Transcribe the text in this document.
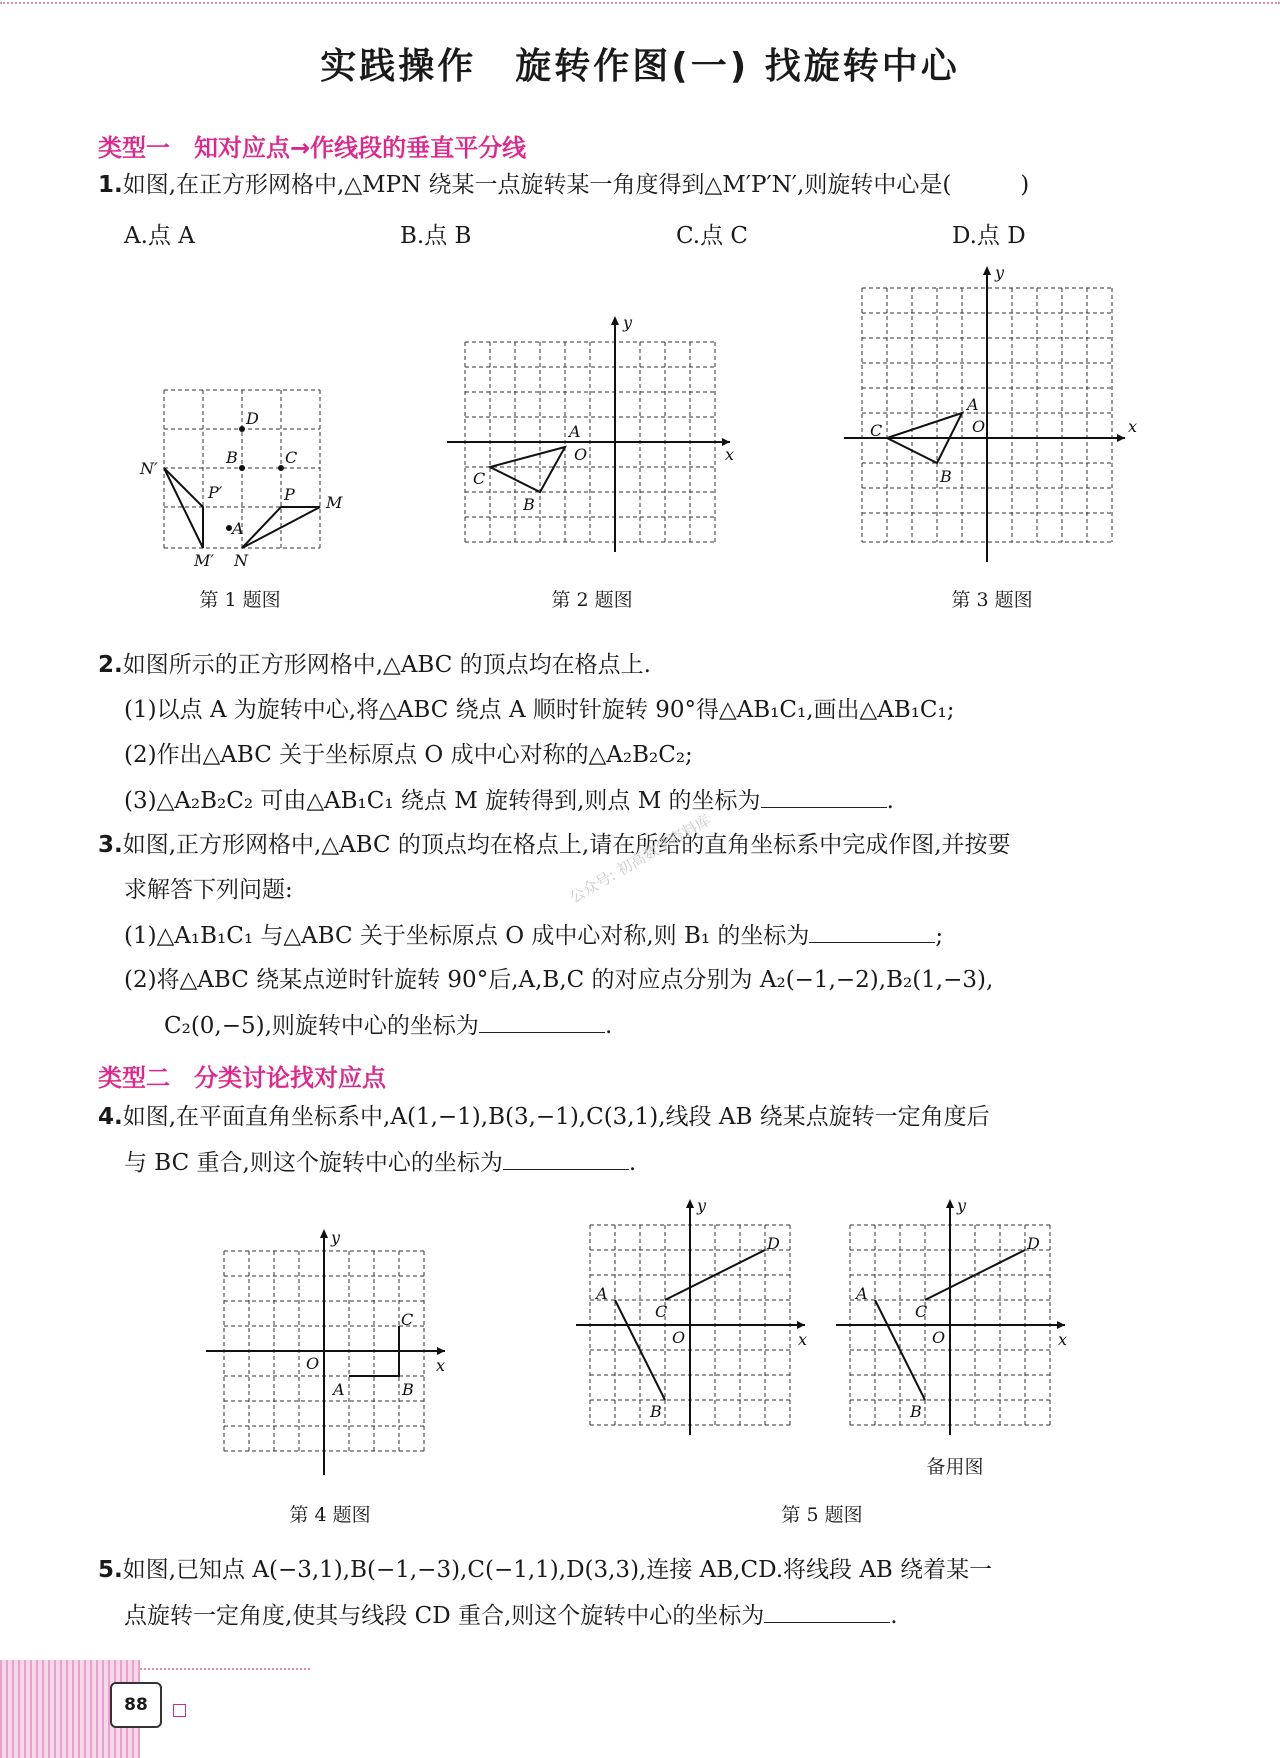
实践操作　旋转作图(一) 找旋转中心
类型一　知对应点→作线段的垂直平分线
1.如图,在正方形网格中,△MPN 绕某一点旋转某一角度得到△M′P′N′,则旋转中心是(　　　)
A.点 A	B.点 B	C.点 C	D.点 D
D
B	C
N′
P′	P M
A
M′ N
第 1 题图
y
x
A
O
C
B
第 2 题图
y
x
A
O
C
B
第 3 题图
2.如图所示的正方形网格中,△ABC 的顶点均在格点上.
(1)以点 A 为旋转中心,将△ABC 绕点 A 顺时针旋转 90°得△AB₁C₁,画出△AB₁C₁;
(2)作出△ABC 关于坐标原点 O 成中心对称的△A₂B₂C₂;
(3)△A₂B₂C₂ 可由△AB₁C₁ 绕点 M 旋转得到,则点 M 的坐标为	.
3.如图,正方形网格中,△ABC 的顶点均在格点上,请在所给的直角坐标系中完成作图,并按要
求解答下列问题:
(1)△A₁B₁C₁ 与△ABC 关于坐标原点 O 成中心对称,则 B₁ 的坐标为	;
(2)将△ABC 绕某点逆时针旋转 90°后,A,B,C 的对应点分别为 A₂(−1,−2),B₂(1,−3),
C₂(0,−5),则旋转中心的坐标为	.
公众号: 初高数学资料库
类型二　分类讨论找对应点
4.如图,在平面直角坐标系中,A(1,−1),B(3,−1),C(3,1),线段 AB 绕某点旋转一定角度后
与 BC 重合,则这个旋转中心的坐标为	.
y
x
O
C
A	B
第 4 题图
y
x
D
A
C
O
B
y
x
D
A
C
O
B
备用图
第 5 题图
5.如图,已知点 A(−3,1),B(−1,−3),C(−1,1),D(3,3),连接 AB,CD.将线段 AB 绕着某一
点旋转一定角度,使其与线段 CD 重合,则这个旋转中心的坐标为	.
88
